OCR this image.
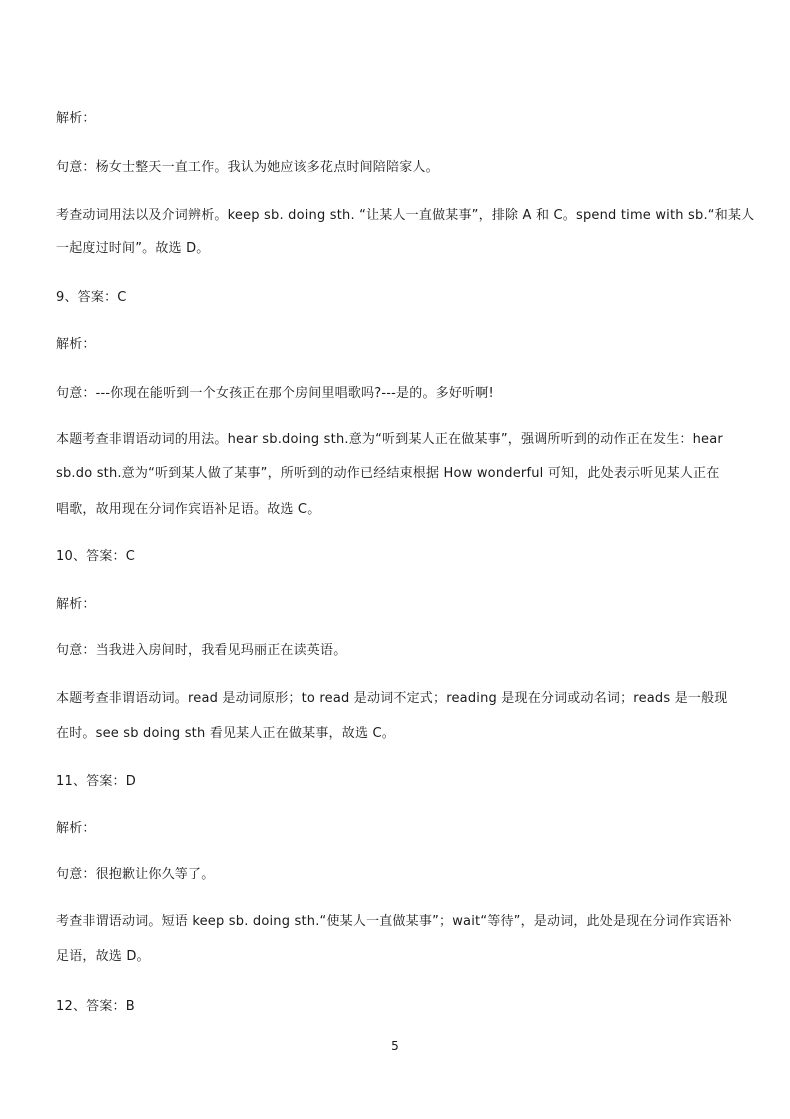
解析：
句意：杨女士整天一直工作。我认为她应该多花点时间陪陪家人。
考查动词用法以及介词辨析。keep sb. doing sth. “让某人一直做某事”，排除 A 和 C。spend time with sb.“和某人
一起度过时间”。故选 D。
9、答案：C
解析：
句意：---你现在能听到一个女孩正在那个房间里唱歌吗?---是的。多好听啊!
本题考查非谓语动词的用法。hear sb.doing sth.意为“听到某人正在做某事”，强调所听到的动作正在发生：hear
sb.do sth.意为“听到某人做了某事”，所听到的动作已经结束根据 How wonderful 可知，此处表示听见某人正在
唱歌，故用现在分词作宾语补足语。故选 C。
10、答案：C
解析：
句意：当我进入房间时，我看见玛丽正在读英语。
本题考查非谓语动词。read 是动词原形；to read 是动词不定式；reading 是现在分词或动名词；reads 是一般现
在时。see sb doing sth 看见某人正在做某事，故选 C。
11、答案：D
解析：
句意：很抱歉让你久等了。
考查非谓语动词。短语 keep sb. doing sth.“使某人一直做某事”；wait“等待”，是动词，此处是现在分词作宾语补
足语，故选 D。
12、答案：B
5
